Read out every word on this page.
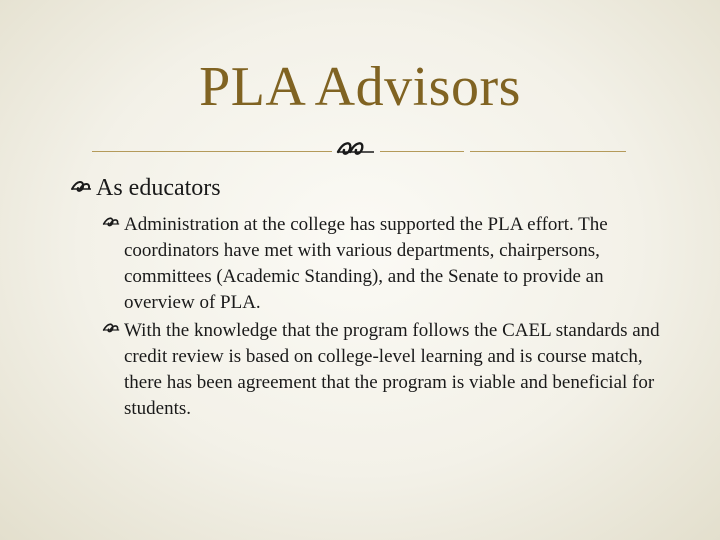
PLA Advisors
As educators
Administration at the college has supported the PLA effort. The coordinators have met with various departments, chairpersons, committees (Academic Standing), and the Senate to provide an overview of PLA.
With the knowledge that the program follows the CAEL standards and credit review is based on college-level learning and is course match, there has been agreement that the program is viable and beneficial for students.
